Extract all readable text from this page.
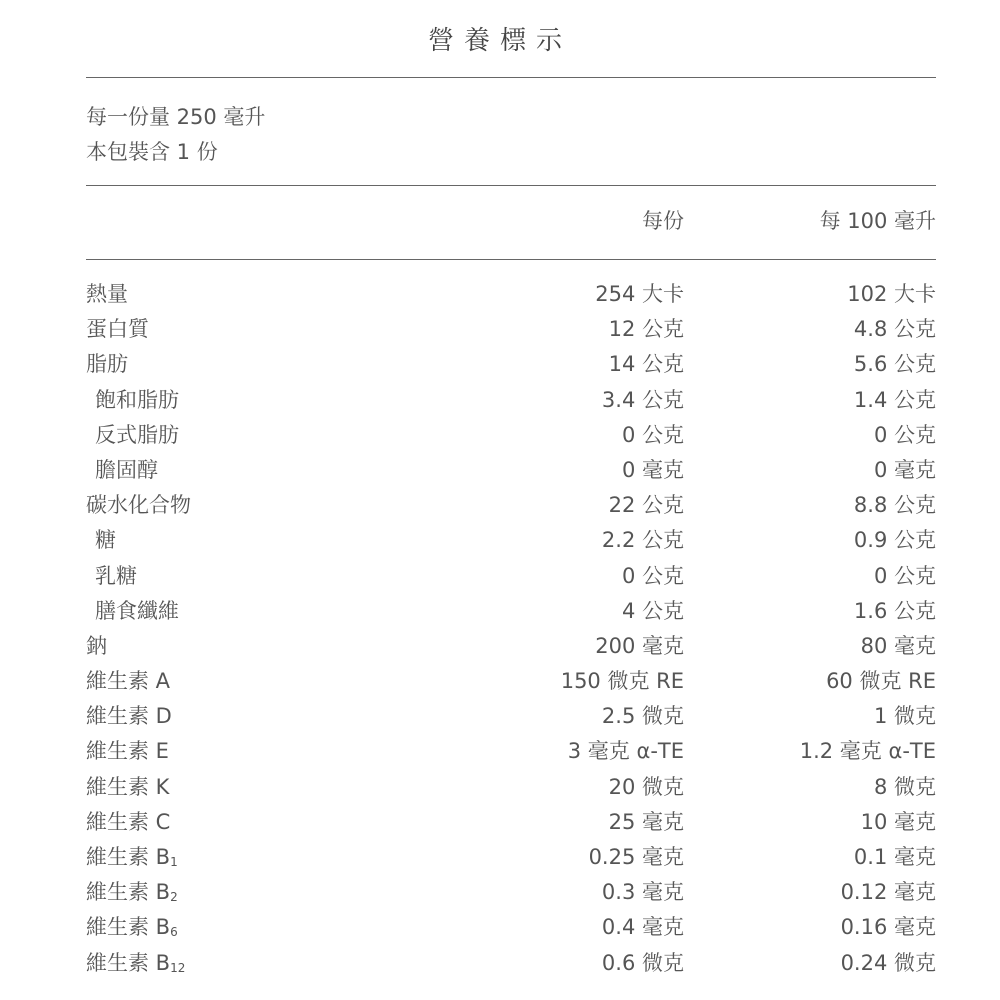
營養標示
每一份量 250 毫升
本包裝含 1 份
每份	每 100 毫升
熱量	254 大卡	102 大卡
蛋白質	12 公克	4.8 公克
脂肪	14 公克	5.6 公克
飽和脂肪	3.4 公克	1.4 公克
反式脂肪	0 公克	0 公克
膽固醇	0 毫克	0 毫克
碳水化合物	22 公克	8.8 公克
糖	2.2 公克	0.9 公克
乳糖	0 公克	0 公克
膳食纖維	4 公克	1.6 公克
鈉	200 毫克	80 毫克
維生素 A	150 微克 RE	60 微克 RE
維生素 D	2.5 微克	1 微克
維生素 E	3 毫克 α-TE	1.2 毫克 α-TE
維生素 K	20 微克	8 微克
維生素 C	25 毫克	10 毫克
維生素 $B_1$	0.25 毫克	0.1 毫克
維生素 $B_2$	0.3 毫克	0.12 毫克
維生素 $B_6$	0.4 毫克	0.16 毫克
維生素 $B_{12}$	0.6 微克	0.24 微克
